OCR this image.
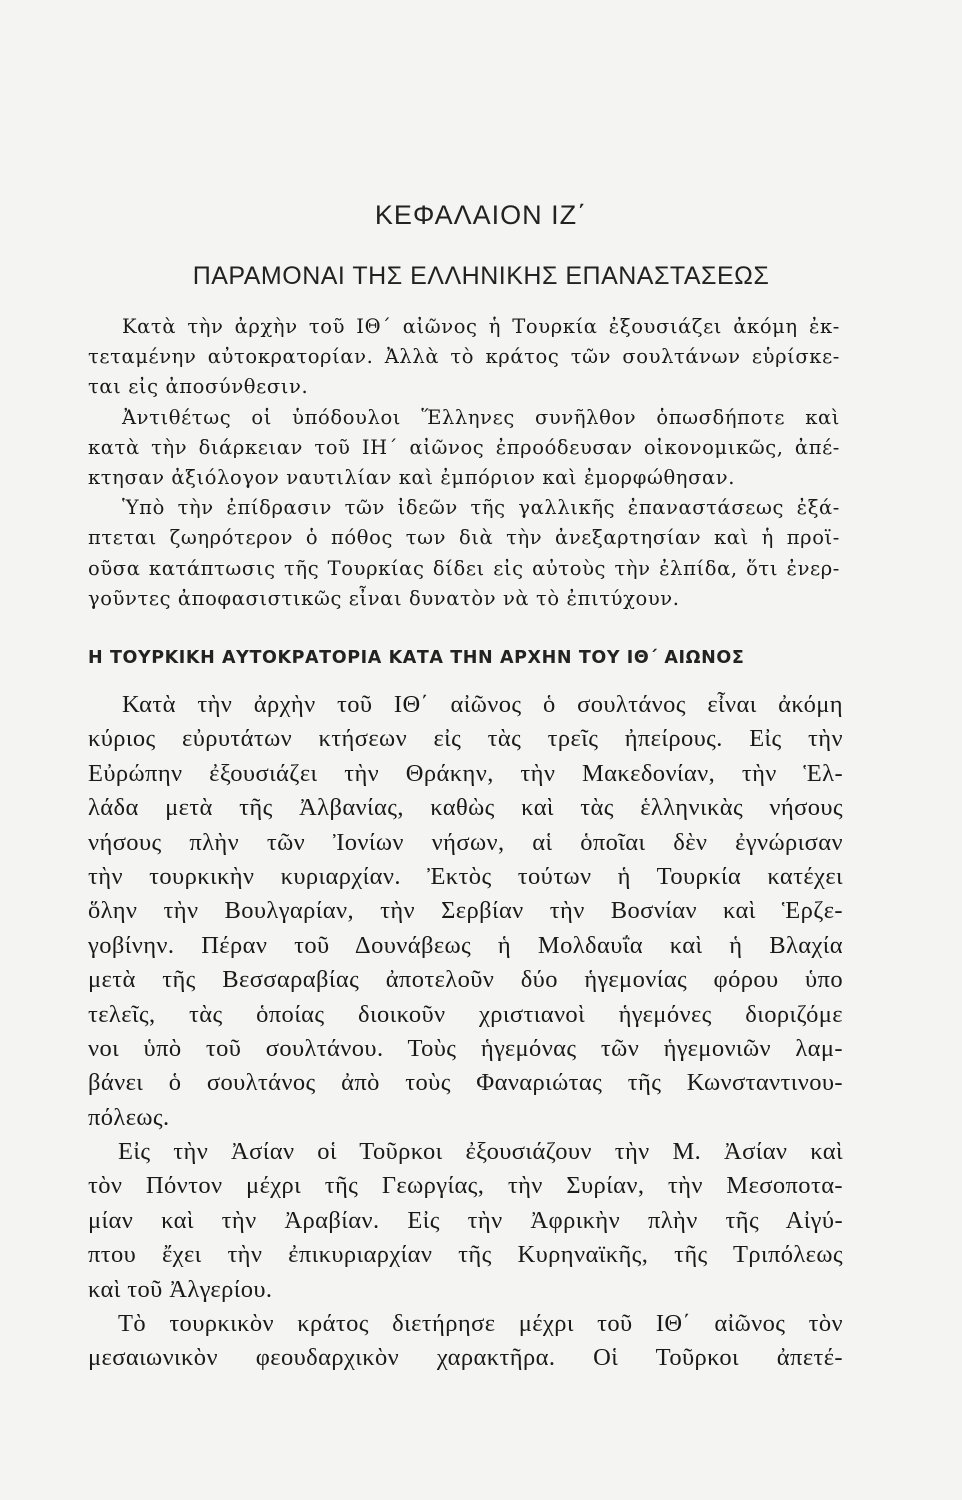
ΚΕΦΑΛΑΙΟΝ ΙΖ΄
ΠΑΡΑΜΟΝΑΙ ΤΗΣ ΕΛΛΗΝΙΚΗΣ ΕΠΑΝΑΣΤΑΣΕΩΣ
Κατὰ τὴν ἀρχὴν τοῦ ΙΘ΄ αἰῶνος ἡ Τουρκία ἐξουσιάζει ἀκόμη ἐκ-
τεταμένην αὐτοκρατορίαν. Ἀλλὰ τὸ κράτος τῶν σουλτάνων εὑρίσκε-
ται εἰς ἀποσύνθεσιν.
Ἀντιθέτως οἱ ὑπόδουλοι Ἕλληνες συνῆλθον ὁπωσδήποτε καὶ
κατὰ τὴν διάρκειαν τοῦ ΙΗ΄ αἰῶνος ἐπροόδευσαν οἰκονομικῶς, ἀπέ-
κτησαν ἀξιόλογον ναυτιλίαν καὶ ἐμπόριον καὶ ἐμορφώθησαν.
Ὑπὸ τὴν ἐπίδρασιν τῶν ἰδεῶν τῆς γαλλικῆς ἐπαναστάσεως ἐξά-
πτεται ζωηρότερον ὁ πόθος των διὰ τὴν ἀνεξαρτησίαν καὶ ἡ προϊ-
οῦσα κατάπτωσις τῆς Τουρκίας δίδει εἰς αὐτοὺς τὴν ἐλπίδα, ὅτι ἐνερ-
γοῦντες ἀποφασιστικῶς εἶναι δυνατὸν νὰ τὸ ἐπιτύχουν.
Η ΤΟΥΡΚΙΚΗ ΑΥΤΟΚΡΑΤΟΡΙΑ ΚΑΤΑ ΤΗΝ ΑΡΧΗΝ ΤΟΥ ΙΘ΄ ΑΙΩΝΟΣ
Κατὰ τὴν ἀρχὴν τοῦ ΙΘ΄ αἰῶνος ὁ σουλτάνος εἶναι ἀκόμη
κύριος εὐρυτάτων κτήσεων εἰς τὰς τρεῖς ἠπείρους. Εἰς τὴν
Εὐρώπην ἐξουσιάζει τὴν Θράκην, τὴν Μακεδονίαν, τὴν Ἑλ-
λάδα μετὰ τῆς Ἀλβανίας, καθὼς καὶ τὰς ἑλληνικὰς νήσους
νήσους πλὴν τῶν Ἰονίων νήσων, αἱ ὁποῖαι δὲν ἐγνώρισαν
τὴν τουρκικὴν κυριαρχίαν. Ἐκτὸς τούτων ἡ Τουρκία κατέχει
ὅλην τὴν Βουλγαρίαν, τὴν Σερβίαν τὴν Βοσνίαν καὶ Ἑρζε-
γοβίνην. Πέραν τοῦ Δουνάβεως ἡ Μολδαυΐα καὶ ἡ Βλαχία
μετὰ τῆς Βεσσαραβίας ἀποτελοῦν δύο ἡγεμονίας φόρου ὑπο
τελεῖς, τὰς ὁποίας διοικοῦν χριστιανοὶ ἡγεμόνες διοριζόμε
νοι ὑπὸ τοῦ σουλτάνου. Τοὺς ἡγεμόνας τῶν ἡγεμονιῶν λαμ-
βάνει ὁ σουλτάνος ἀπὸ τοὺς Φαναριώτας τῆς Κωνσταντινου-
πόλεως.
Εἰς τὴν Ἀσίαν οἱ Τοῦρκοι ἐξουσιάζουν τὴν Μ. Ἀσίαν καὶ
τὸν Πόντον μέχρι τῆς Γεωργίας, τὴν Συρίαν, τὴν Μεσοποτα-
μίαν καὶ τὴν Ἀραβίαν. Εἰς τὴν Ἀφρικὴν πλὴν τῆς Αἰγύ-
πτου ἔχει τὴν ἐπικυριαρχίαν τῆς Κυρηναϊκῆς, τῆς Τριπόλεως
καὶ τοῦ Ἀλγερίου.
Τὸ τουρκικὸν κράτος διετήρησε μέχρι τοῦ ΙΘ΄ αἰῶνος τὸν
μεσαιωνικὸν φεουδαρχικὸν χαρακτῆρα. Οἱ Τοῦρκοι ἀπετέ-
